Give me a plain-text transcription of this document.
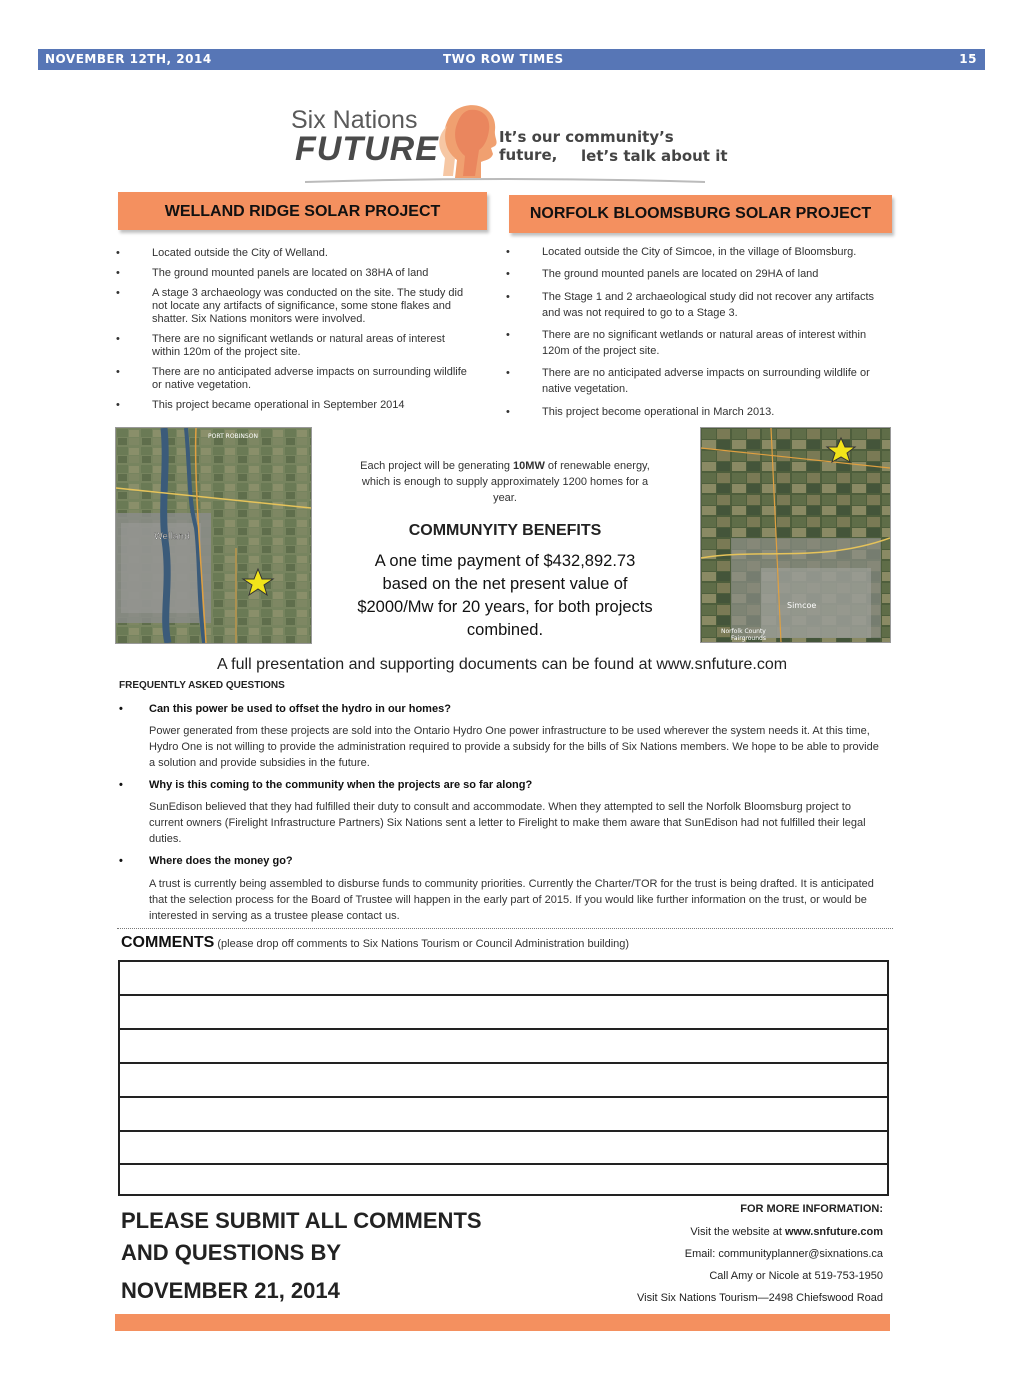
NOVEMBER 12TH, 2014	TWO ROW TIMES	15
Six Nations
FUTURE	It’s our community’s future,	let’s talk about it
WELLAND RIDGE SOLAR PROJECT	NORFOLK BLOOMSBURG SOLAR PROJECT
•	Located outside the City of Welland.
•	The ground mounted panels are located on 38HA of land
•	A stage 3 archaeology was conducted on the site. The study did not locate any artifacts of significance, some stone flakes and shatter. Six Nations monitors were involved.
•	There are no significant wetlands or natural areas of interest within 120m of the project site.
•	There are no anticipated adverse impacts on surrounding wildlife or native vegetation.
•	This project became operational in September 2014
•	Located outside the City of Simcoe, in the village of Bloomsburg.
•	The ground mounted panels are located on 29HA of land
•	The Stage 1 and 2 archaeological study did not recover any artifacts and was not required to go to a Stage 3.
•	There are no significant wetlands or natural areas of interest within 120m of the project site.
•	There are no anticipated adverse impacts on surrounding wildlife or native vegetation.
•	This project become operational in March 2013.
PORT ROBINSON
Welland
Simcoe
Norfolk County
Fairgrounds
Each project will be generating 10MW of renewable energy, which is enough to supply approximately 1200 homes for a year.
COMMUNYITY BENEFITS
A one time payment of $432,892.73 based on the net present value of $2000/Mw for 20 years, for both projects combined.
A full presentation and supporting documents can be found at www.snfuture.com
FREQUENTLY ASKED QUESTIONS
• Can this power be used to offset the hydro in our homes?
Power generated from these projects are sold into the Ontario Hydro One power infrastructure to be used wherever the system needs it. At this time, Hydro One is not willing to provide the administration required to provide a subsidy for the bills of Six Nations members. We hope to be able to provide a solution and provide subsidies in the future.
• Why is this coming to the community when the projects are so far along?
SunEdison believed that they had fulfilled their duty to consult and accommodate. When they attempted to sell the Norfolk Bloomsburg project to current owners (Firelight Infrastructure Partners) Six Nations sent a letter to Firelight to make them aware that SunEdison had not fulfilled their legal duties.
• Where does the money go?
A trust is currently being assembled to disburse funds to community priorities. Currently the Charter/TOR for the trust is being drafted. It is anticipated that the selection process for the Board of Trustee will happen in the early part of 2015. If you would like further information on the trust, or would be interested in serving as a trustee please contact us.
COMMENTS (please drop off comments to Six Nations Tourism or Council Administration building)
PLEASE SUBMIT ALL COMMENTS
AND QUESTIONS BY
NOVEMBER 21, 2014
FOR MORE INFORMATION:
Visit the website at www.snfuture.com
Email: communityplanner@sixnations.ca
Call Amy or Nicole at 519-753-1950
Visit Six Nations Tourism—2498 Chiefswood Road
